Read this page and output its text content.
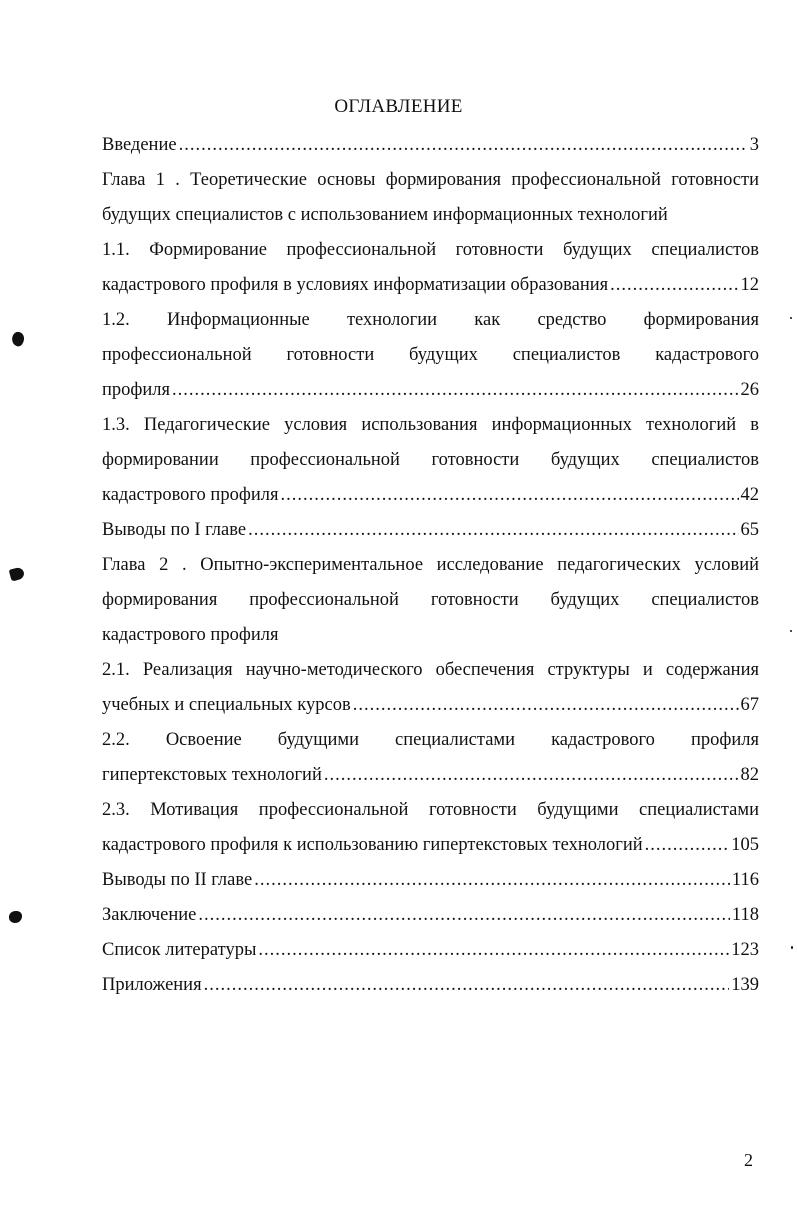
ОГЛАВЛЕНИЕ
Введение .....	3
Глава 1 . Теоретические основы формирования профессиональной готовности
будущих специалистов с использованием информационных технологий
1.1. Формирование профессиональной готовности будущих специалистов
кадастрового профиля в условиях информатизации образования .....	12
1.2. Информационные технологии как средство формирования
профессиональной готовности будущих специалистов кадастрового
профиля .....	26
1.3. Педагогические условия использования информационных технологий в
формировании профессиональной готовности будущих специалистов
кадастрового профиля .....	42
Выводы по I главе .....	65
Глава 2 . Опытно-экспериментальное исследование педагогических условий
формирования профессиональной готовности будущих специалистов
кадастрового профиля
2.1. Реализация научно-методического обеспечения структуры и содержания
учебных и специальных курсов .....	67
2.2. Освоение будущими специалистами кадастрового профиля
гипертекстовых технологий .....	82
2.3. Мотивация профессиональной готовности будущими специалистами
кадастрового профиля к использованию гипертекстовых технологий .....	105
Выводы по II главе .....	116
Заключение .....	118
Список литературы .....	123
Приложения .....	139
2
